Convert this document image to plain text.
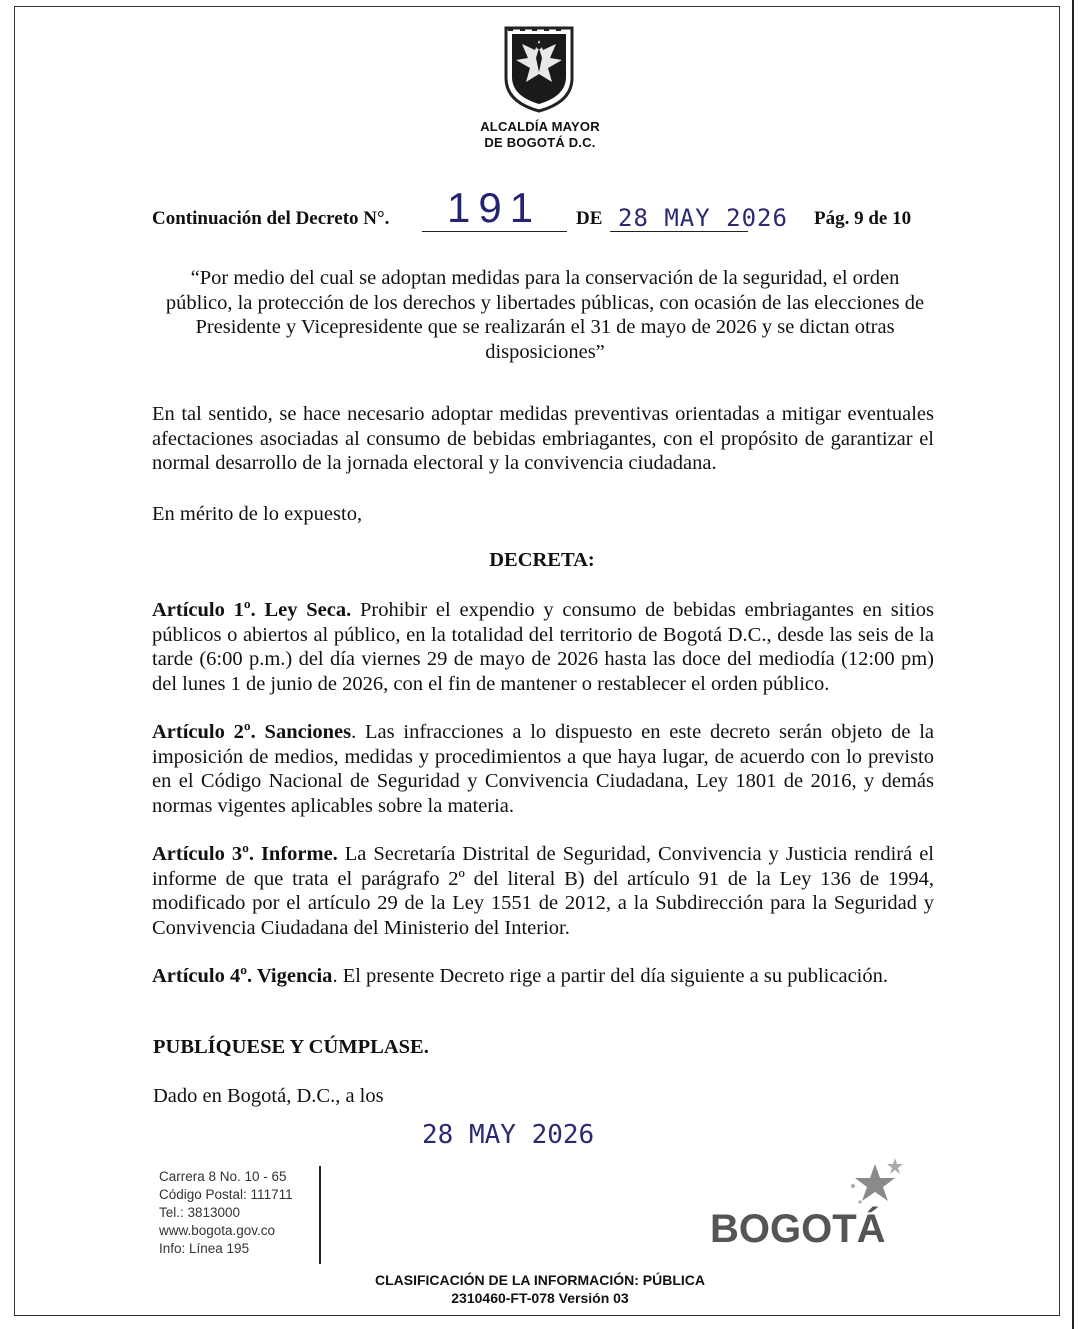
ALCALDÍA MAYOR
DE BOGOTÁ D.C.
Continuación del Decreto N°. 191 DE 28 MAY 2026 Pág. 9 de 10
“Por medio del cual se adoptan medidas para la conservación de la seguridad, el orden público, la protección de los derechos y libertades públicas, con ocasión de las elecciones de Presidente y Vicepresidente que se realizarán el 31 de mayo de 2026 y se dictan otras disposiciones”
En tal sentido, se hace necesario adoptar medidas preventivas orientadas a mitigar eventuales afectaciones asociadas al consumo de bebidas embriagantes, con el propósito de garantizar el normal desarrollo de la jornada electoral y la convivencia ciudadana.
En mérito de lo expuesto,
DECRETA:
Artículo 1º. Ley Seca. Prohibir el expendio y consumo de bebidas embriagantes en sitios públicos o abiertos al público, en la totalidad del territorio de Bogotá D.C., desde las seis de la tarde (6:00 p.m.) del día viernes 29 de mayo de 2026 hasta las doce del mediodía (12:00 pm) del lunes 1 de junio de 2026, con el fin de mantener o restablecer el orden público.
Artículo 2º. Sanciones. Las infracciones a lo dispuesto en este decreto serán objeto de la imposición de medios, medidas y procedimientos a que haya lugar, de acuerdo con lo previsto en el Código Nacional de Seguridad y Convivencia Ciudadana, Ley 1801 de 2016, y demás normas vigentes aplicables sobre la materia.
Artículo 3º. Informe. La Secretaría Distrital de Seguridad, Convivencia y Justicia rendirá el informe de que trata el parágrafo 2º del literal B) del artículo 91 de la Ley 136 de 1994, modificado por el artículo 29 de la Ley 1551 de 2012, a la Subdirección para la Seguridad y Convivencia Ciudadana del Ministerio del Interior.
Artículo 4º. Vigencia. El presente Decreto rige a partir del día siguiente a su publicación.
PUBLÍQUESE Y CÚMPLASE.
Dado en Bogotá, D.C., a los
28 MAY 2026
Carrera 8 No. 10 - 65
Código Postal: 111711
Tel.: 3813000
www.bogota.gov.co
Info: Línea 195	BOGOTÁ
CLASIFICACIÓN DE LA INFORMACIÓN: PÚBLICA
2310460-FT-078 Versión 03
